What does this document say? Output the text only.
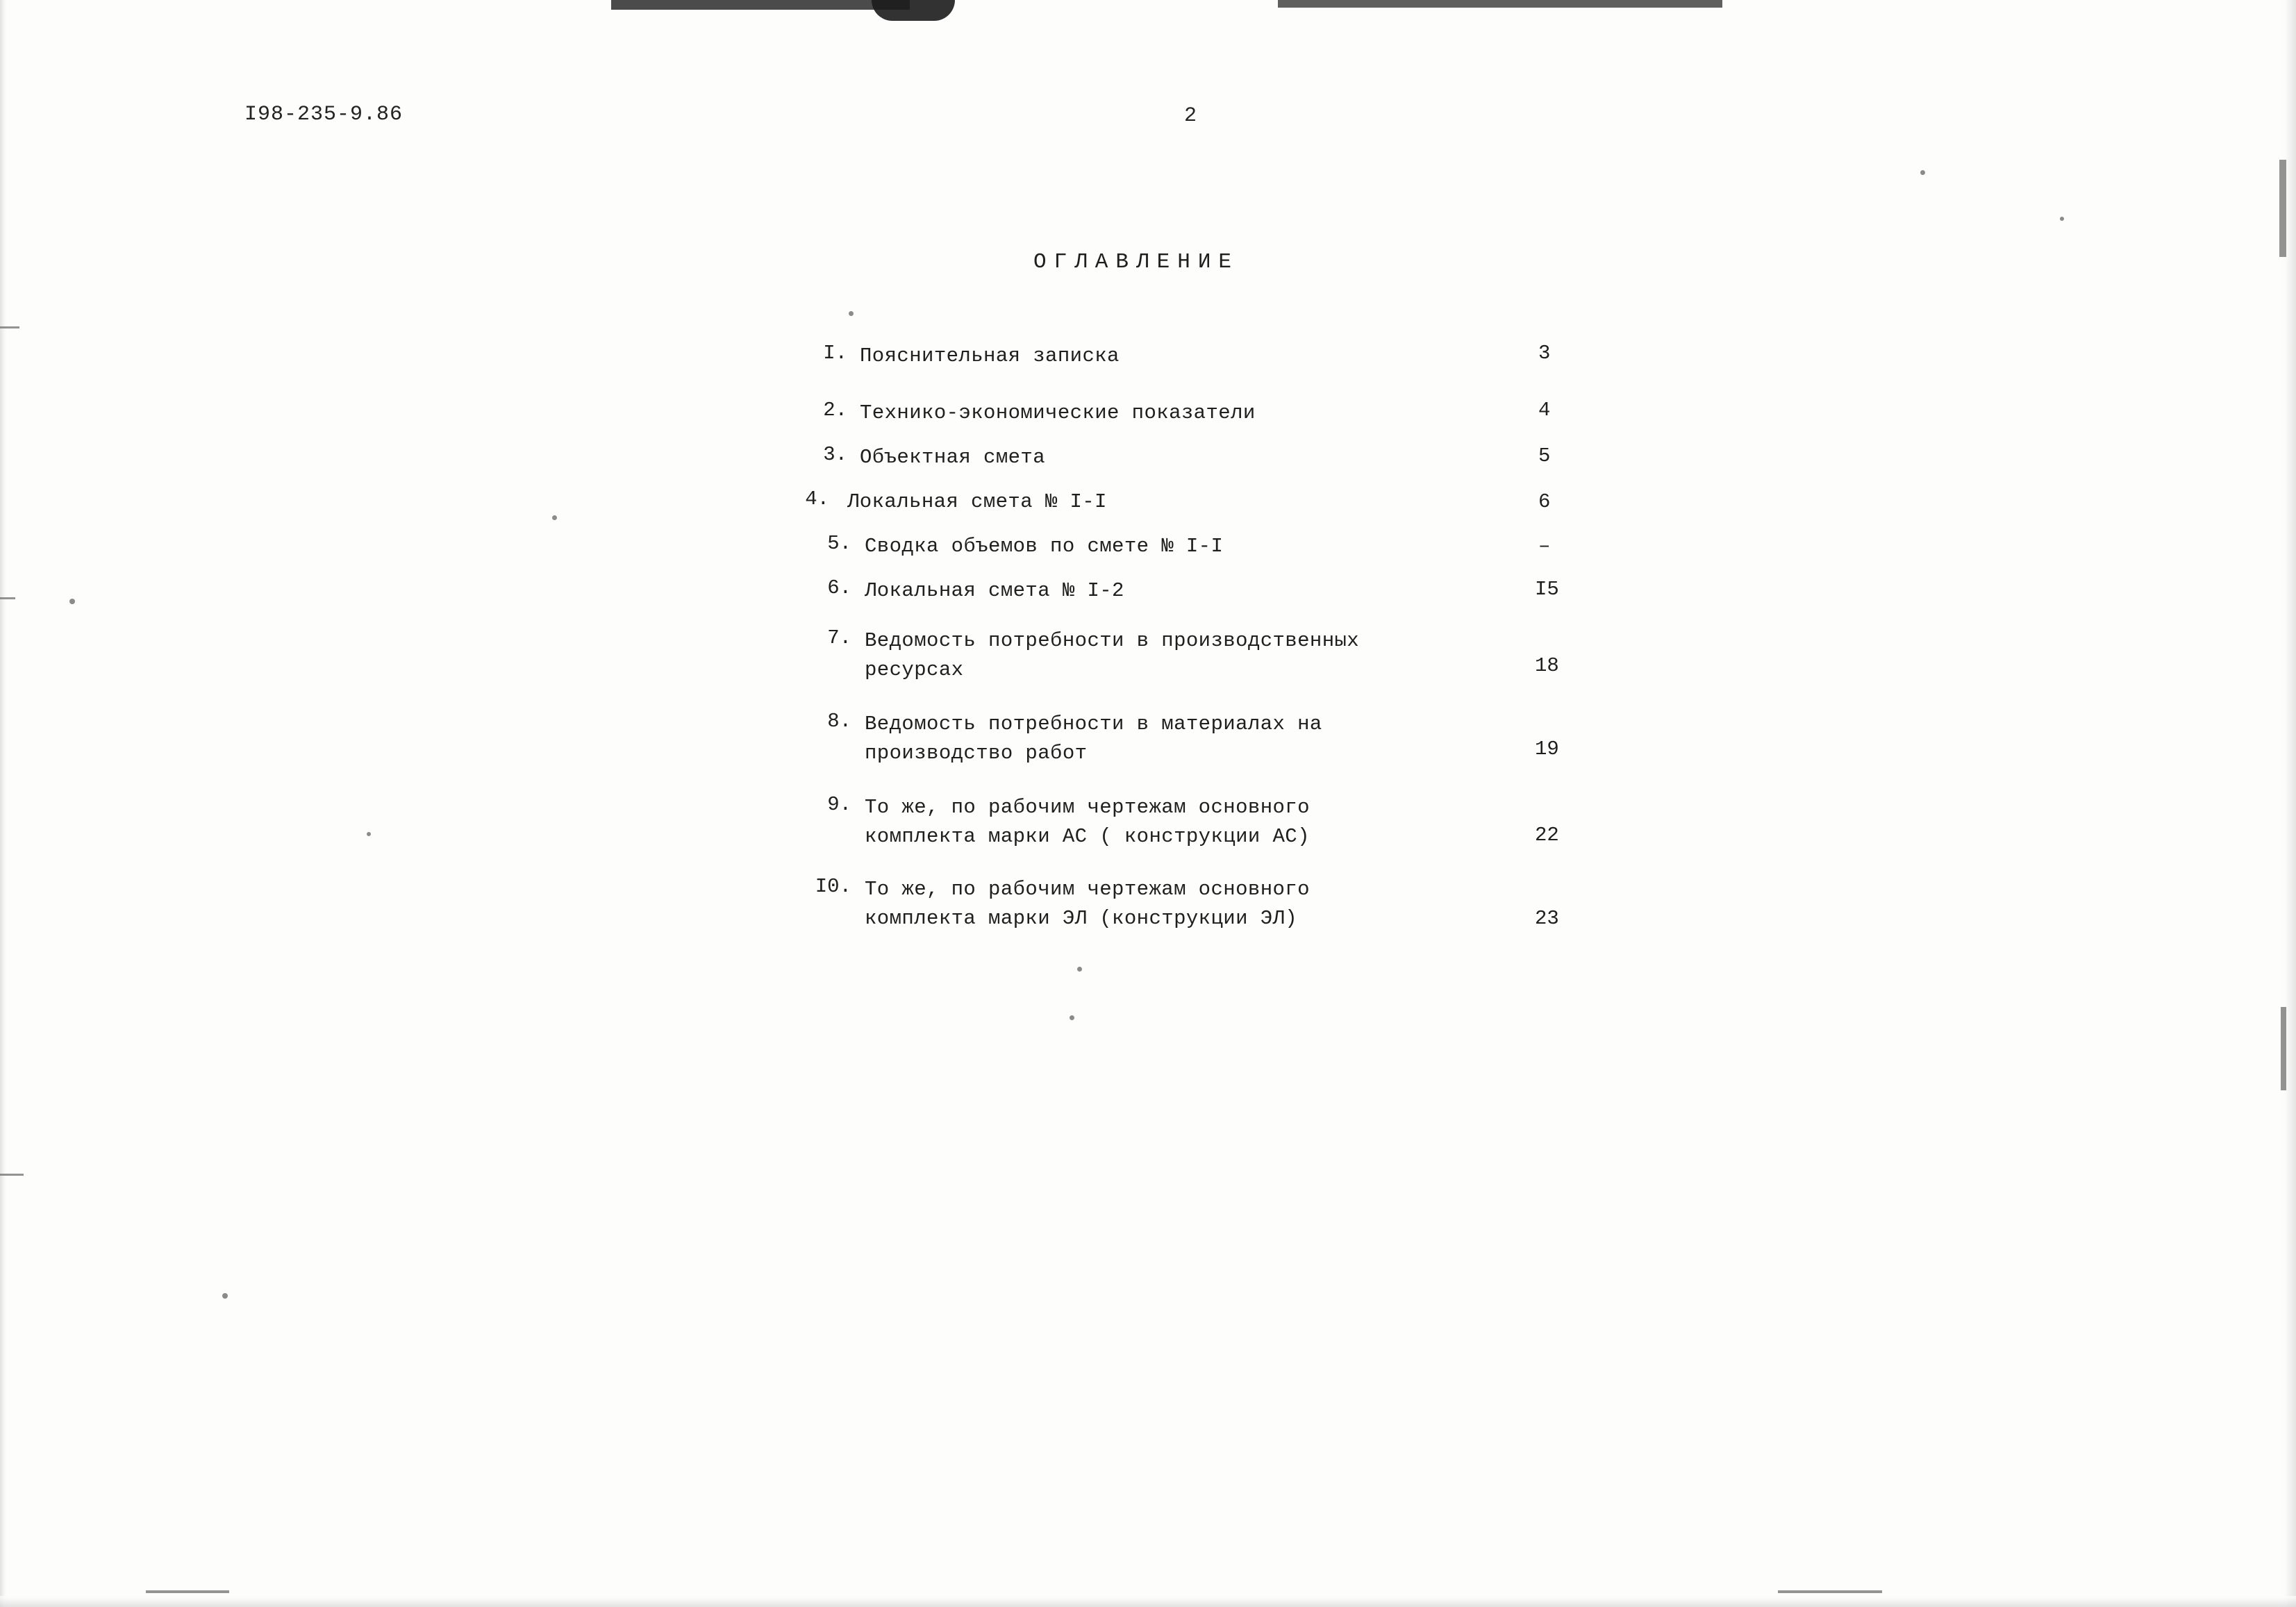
I98-235-9.86	2
ОГЛАВЛЕНИЕ
I. Пояснительная записка	3
2. Технико-экономические показатели	4
3. Объектная смета	5
4. Локальная смета № I-I	6
5. Сводка объемов по смете № I-I	–
6. Локальная смета № I-2	I5
7. Ведомость потребности в производственных
ресурсах	18
8. Ведомость потребности в материалах на
производство работ	19
9. То же, по рабочим чертежам основного
комплекта марки АС ( конструкции АС)	22
I0. То же, по рабочим чертежам основного
комплекта марки ЭЛ (конструкции ЭЛ)	23
